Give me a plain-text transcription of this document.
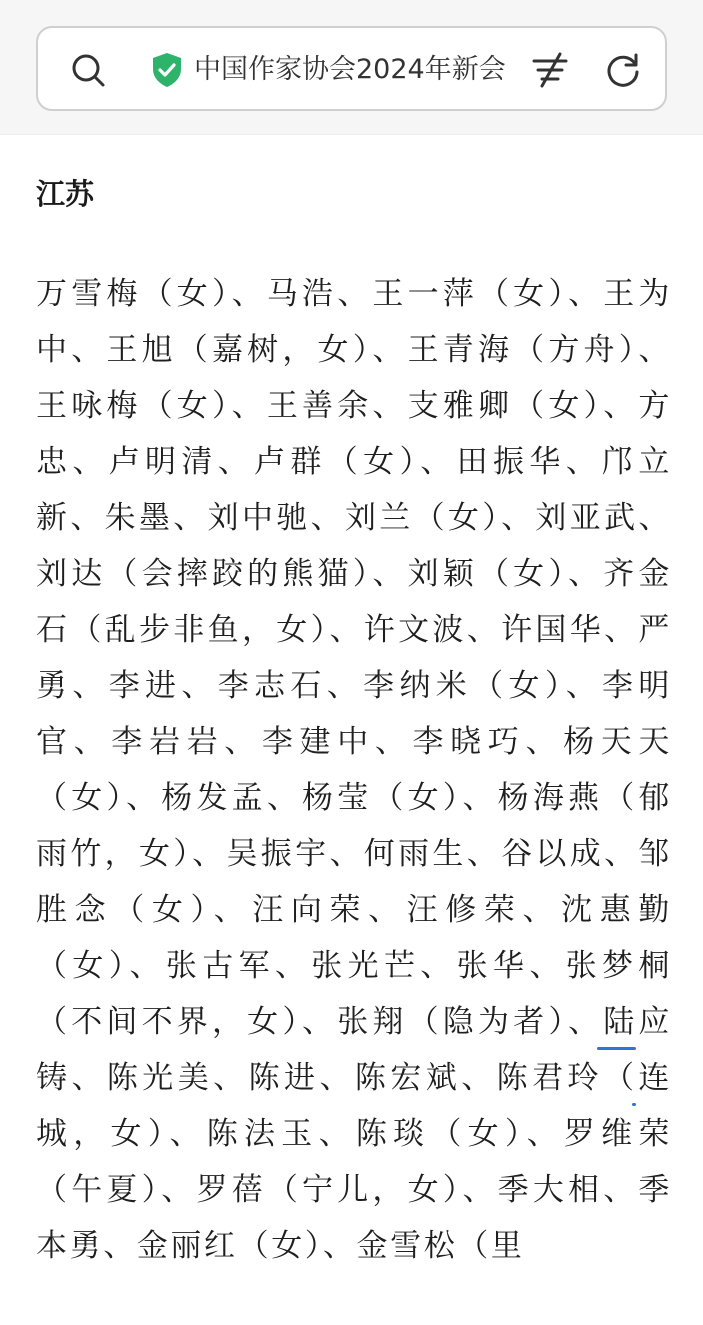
中国作家协会2024年新会
江苏
万雪梅（女）、马浩、王一萍（女）、王为中、王旭（嘉树，女）、王青海（方舟）、王咏梅（女）、王善余、支雅卿（女）、方忠、卢明清、卢群（女）、田振华、邝立新、朱墨、刘中驰、刘兰（女）、刘亚武、刘达（会摔跤的熊猫）、刘颖（女）、齐金石（乱步非鱼，女）、许文波、许国华、严勇、李进、李志石、李纳米（女）、李明官、李岩岩、李建中、李晓巧、杨天天（女）、杨发孟、杨莹（女）、杨海燕（郁雨竹，女）、吴振宇、何雨生、谷以成、邹胜念（女）、汪向荣、汪修荣、沈惠勤（女）、张古军、张光芒、张华、张梦桐（不间不界，女）、张翔（隐为者）、陆应铸、陈光美、陈进、陈宏斌、陈君玲（连城，女）、陈法玉、陈琰（女）、罗维荣（午夏）、罗蓓（宁儿，女）、季大相、季本勇、金丽红（女）、金雪松（里
